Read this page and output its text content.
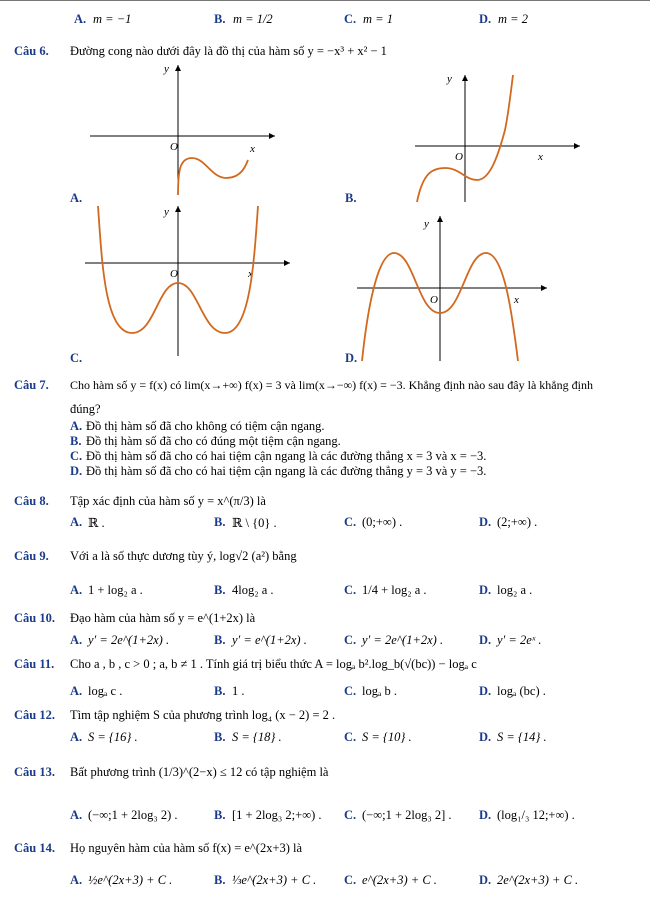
A. m = −1	B. m = 1/2	C. m = 1	D. m = 2
Câu 6. Đường cong nào dưới đây là đồ thị của hàm số y = −x³ + x² − 1
y
O	x
A.
y
O	x
B.
y
O	x
C.
y
O	x
D.
Câu 7. Cho hàm số y = f(x) có lim(x→+∞) f(x) = 3 và lim(x→−∞) f(x) = −3. Khẳng định nào sau đây là khẳng định
đúng?
A. Đồ thị hàm số đã cho không có tiệm cận ngang.
B. Đồ thị hàm số đã cho có đúng một tiệm cận ngang.
C. Đồ thị hàm số đã cho có hai tiệm cận ngang là các đường thẳng x = 3 và x = −3.
D. Đồ thị hàm số đã cho có hai tiệm cận ngang là các đường thẳng y = 3 và y = −3.
Câu 8. Tập xác định của hàm số y = x^(π/3) là
A. ℝ .	B. ℝ \ {0} .	C. (0;+∞) .	D. (2;+∞) .
Câu 9. Với a là số thực dương tùy ý, log√2 (a²) bằng
A. 1 + log₂ a .	B. 4log₂ a .	C. 1/4 + log₂ a .	D. log₂ a .
Câu 10. Đạo hàm của hàm số y = e^(1+2x) là
A. y′ = 2e^(1+2x) .	B. y′ = e^(1+2x) .	C. y′ = 2e^(1+2x) .	D. y′ = 2eˣ .
Câu 11. Cho a , b , c > 0 ; a, b ≠ 1 . Tính giá trị biểu thức A = logₐ b².log_b(√(bc)) − logₐ c
A. logₐ c .	B. 1 .	C. logₐ b .	D. logₐ (bc) .
Câu 12. Tìm tập nghiệm S của phương trình log₄ (x − 2) = 2 .
A. S = {16} .	B. S = {18} .	C. S = {10} .	D. S = {14} .
Câu 13. Bất phương trình (1/3)^(2−x) ≤ 12 có tập nghiệm là
A. (−∞;1 + 2log₃ 2) .	B. [1 + 2log₃ 2;+∞) . C. (−∞;1 + 2log₃ 2] . D. (log₁/₃ 12;+∞) .
Câu 14. Họ nguyên hàm của hàm số f(x) = e^(2x+3) là
A. ½e^(2x+3) + C .	B. ⅓e^(2x+3) + C . C. e^(2x+3) + C .	D. 2e^(2x+3) + C .
